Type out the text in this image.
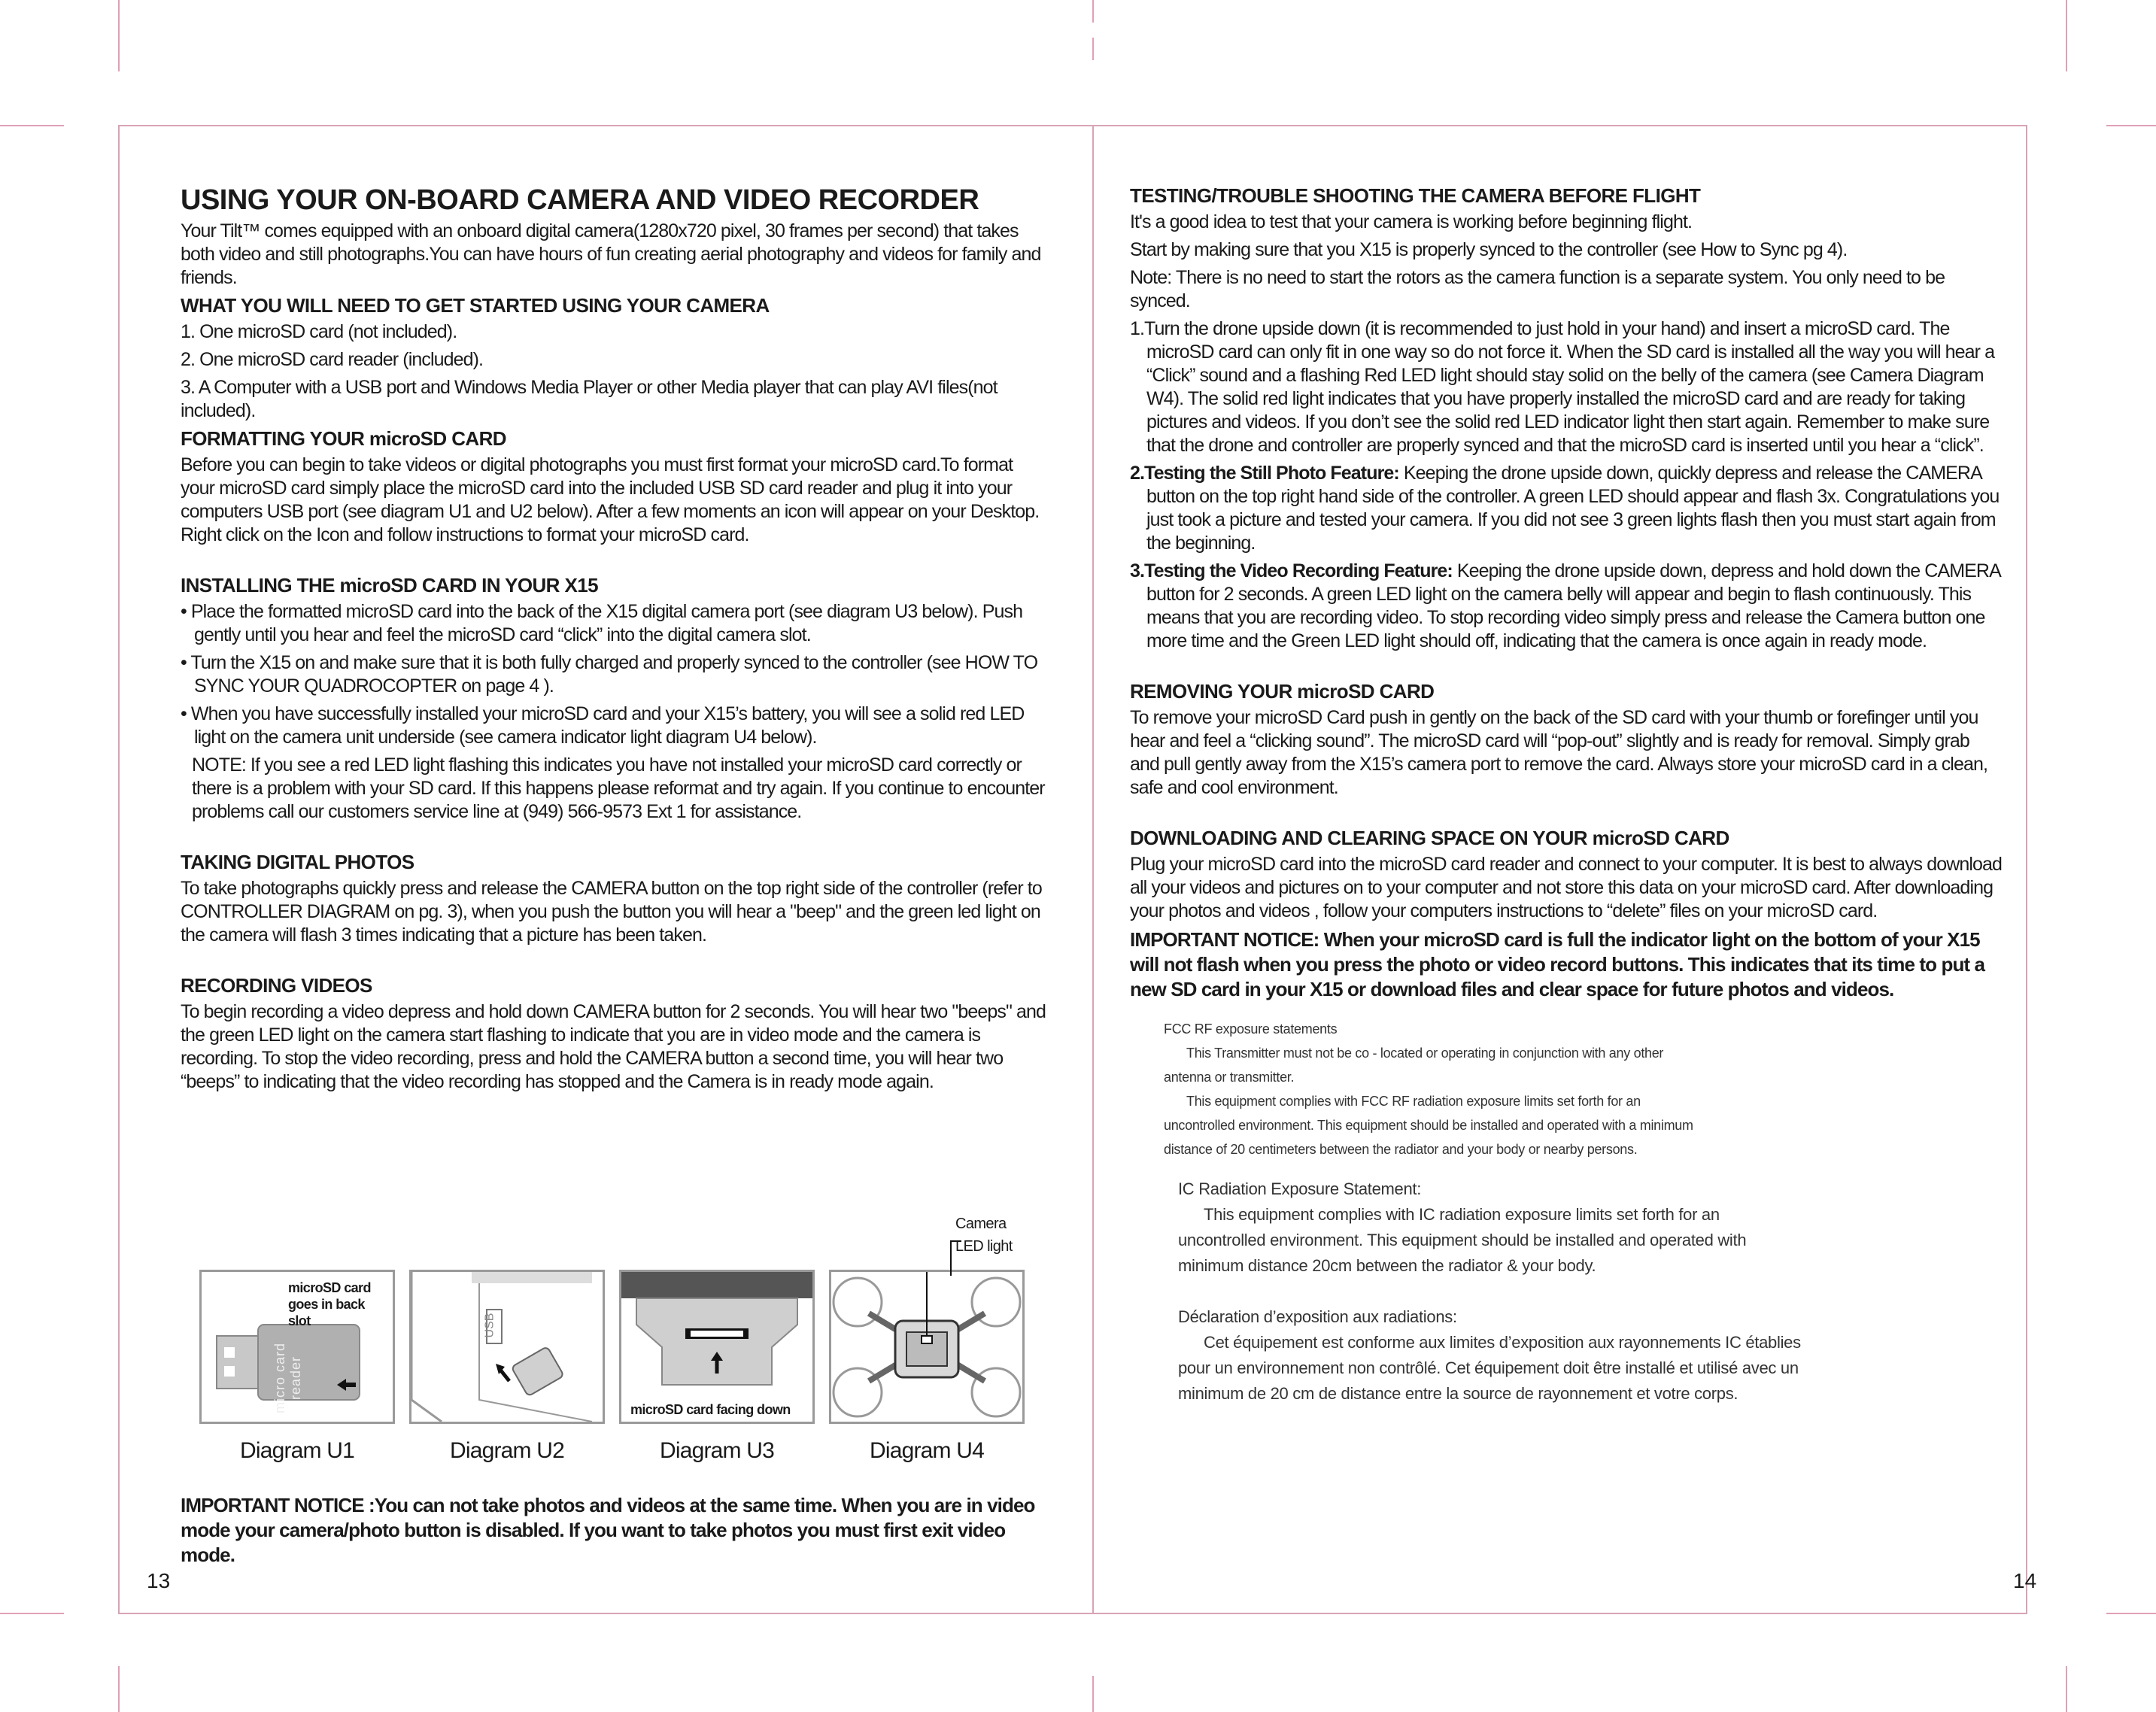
USING YOUR ON-BOARD CAMERA AND VIDEO RECORDER

Your Tilt™ comes equipped with an onboard digital camera(1280x720 pixel, 30 frames per second) that takes both video and still photographs.You can have hours of fun creating aerial photography and videos for family and friends.

WHAT YOU WILL NEED TO GET STARTED USING YOUR CAMERA

1. One microSD card (not included).

2. One microSD card reader (included).

3. A Computer with a USB port and Windows Media Player or other Media player that can play AVI files(not included).

FORMATTING YOUR microSD CARD

Before you can begin to take videos or digital photographs you must first format your microSD card.To format your microSD card simply place the microSD card into the included USB SD card reader and plug it into your computers USB port (see diagram U1 and U2 below). After a few moments an icon will appear on your Desktop. Right click on the Icon and follow instructions to format your microSD card.

INSTALLING THE microSD CARD IN YOUR X15
• Place the formatted microSD card into the back of the X15 digital camera port (see diagram U3 below). Push gently until you hear and feel the microSD card “click” into the digital camera slot.
• Turn the X15 on and make sure that it is both fully charged and properly synced to the controller (see HOW TO SYNC YOUR QUADROCOPTER on page 4 ).
• When you have successfully installed your microSD card and your X15’s battery, you will see a solid red LED light on the camera unit underside (see camera indicator light diagram U4 below).

NOTE: If you see a red LED light flashing this indicates you have not installed your microSD card correctly or there is a problem with your SD card. If this happens please reformat and try again. If you continue to encounter problems call our customers service line at (949) 566-9573 Ext 1 for assistance.

TAKING DIGITAL PHOTOS

To take photographs quickly press and release the CAMERA button on the top right side of the controller (refer to CONTROLLER DIAGRAM on pg. 3), when you push the button you will hear a "beep" and the green led light on the camera will flash 3 times indicating that a picture has been taken.

RECORDING VIDEOS

To begin recording a video depress and hold down CAMERA button for 2 seconds. You will hear two "beeps" and the green LED light on the camera start flashing to indicate that you are in video mode and the camera is recording. To stop the video recording, press and hold the CAMERA button a second time, you will hear two “beeps” to indicating that the video recording has stopped and the Camera is in ready mode again.

microSD card goes in back slot
micro card reader
USB
microSD card facing down
Camera LED light
Diagram U1	Diagram U2	Diagram U3	Diagram U4
IMPORTANT NOTICE :You can not take photos and videos at the same time. When you are in video mode your camera/photo button is disabled. If you want to take photos you must first exit video mode.
13
TESTING/TROUBLE SHOOTING THE CAMERA BEFORE FLIGHT

It's a good idea to test that your camera is working before beginning flight.

Start by making sure that you X15 is properly synced to the controller (see How to Sync pg 4).

Note: There is no need to start the rotors as the camera function is a separate system. You only need to be synced.

1.Turn the drone upside down (it is recommended to just hold in your hand) and insert a microSD card. The microSD card can only fit in one way so do not force it. When the SD card is installed all the way you will hear a “Click” sound and a flashing Red LED light should stay solid on the belly of the camera (see Camera Diagram W4). The solid red light indicates that you have properly installed the microSD card and are ready for taking pictures and videos. If you don’t see the solid red LED indicator light then start again. Remember to make sure that the drone and controller are properly synced and that the microSD card is inserted until you hear a “click”.
2.Testing the Still Photo Feature: Keeping the drone upside down, quickly depress and release the CAMERA button on the top right hand side of the controller. A green LED should appear and flash 3x. Congratulations you just took a picture and tested your camera. If you did not see 3 green lights flash then you must start again from the beginning.
3.Testing the Video Recording Feature: Keeping the drone upside down, depress and hold down the CAMERA button for 2 seconds. A green LED light on the camera belly will appear and begin to flash continuously. This means that you are recording video. To stop recording video simply press and release the Camera button one more time and the Green LED light should off, indicating that the camera is once again in ready mode.
REMOVING YOUR microSD CARD

To remove your microSD Card push in gently on the back of the SD card with your thumb or forefinger until you hear and feel a “clicking sound”. The microSD card will “pop-out” slightly and is ready for removal. Simply grab and pull gently away from the X15’s camera port to remove the card. Always store your microSD card in a clean, safe and cool environment.

DOWNLOADING AND CLEARING SPACE ON YOUR microSD CARD

Plug your microSD card into the microSD card reader and connect to your computer. It is best to always download all your videos and pictures on to your computer and not store this data on your microSD card. After downloading your photos and videos , follow your computers instructions to “delete” files on your microSD card.

IMPORTANT NOTICE: When your microSD card is full the indicator light on the bottom of your X15 will not flash when you press the photo or video record buttons. This indicates that its time to put a new SD card in your X15 or download files and clear space for future photos and videos.

FCC RF exposure statements

This Transmitter must not be co - located or operating in conjunction with any other antenna or transmitter.

This equipment complies with FCC RF radiation exposure limits set forth for an uncontrolled environment. This equipment should be installed and operated with a minimum distance of 20 centimeters between the radiator and your body or nearby persons.

IC Radiation Exposure Statement:

This equipment complies with IC radiation exposure limits set forth for an uncontrolled environment. This equipment should be installed and operated with minimum distance 20cm between the radiator & your body.

Déclaration d’exposition aux radiations:

Cet équipement est conforme aux limites d’exposition aux rayonnements IC établies pour un environnement non contrôlé. Cet équipement doit être installé et utilisé avec un minimum de 20 cm de distance entre la source de rayonnement et votre corps.

14
